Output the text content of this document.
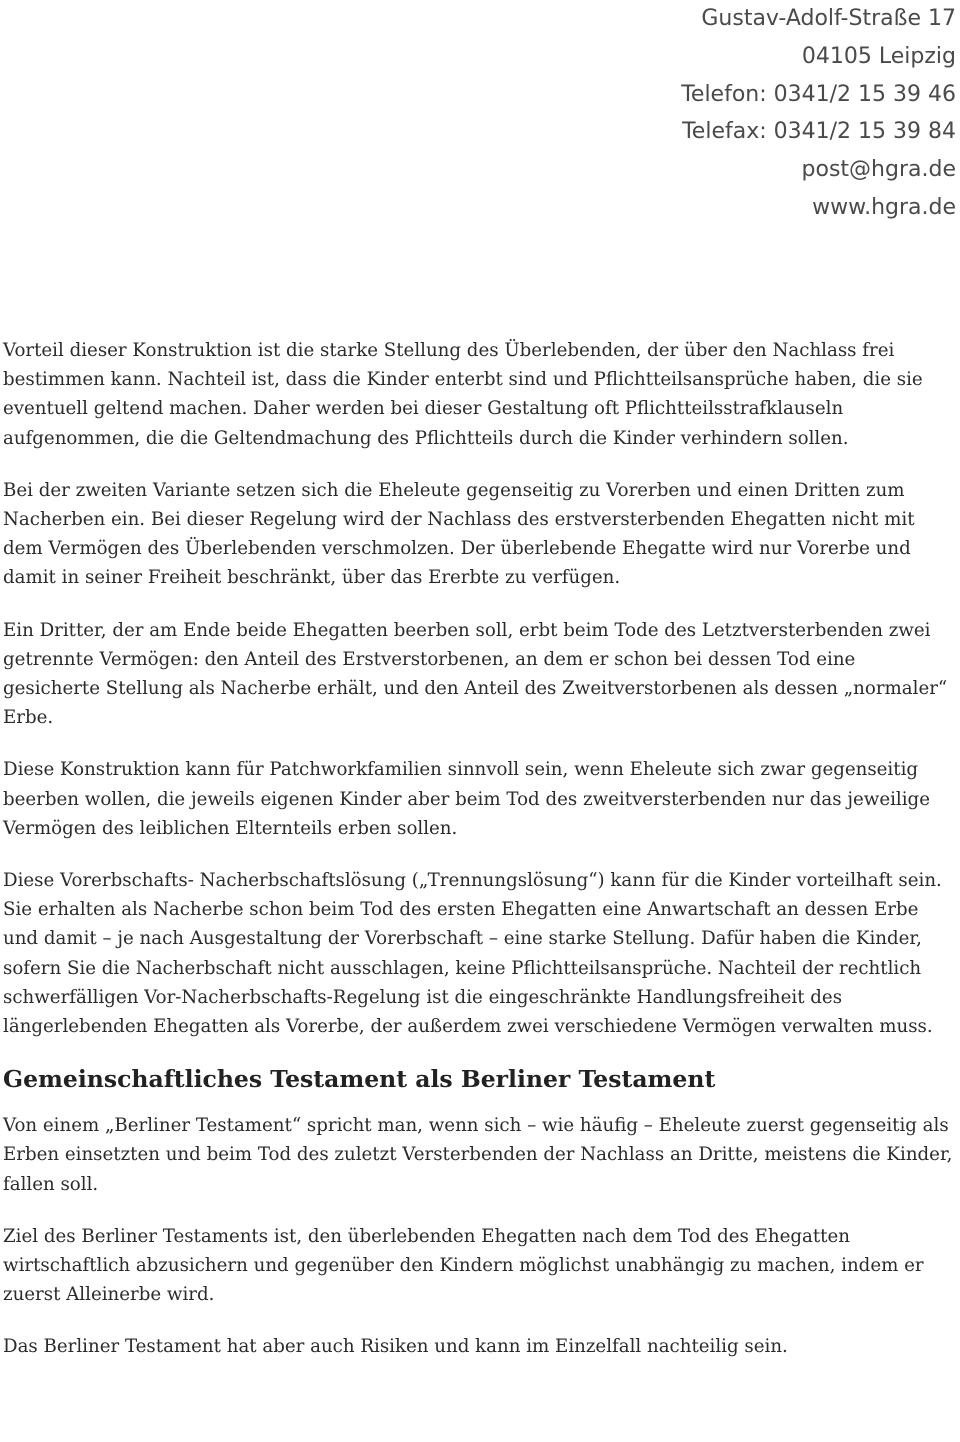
Gustav-Adolf-Straße 17
04105 Leipzig
Telefon: 0341/2 15 39 46
Telefax: 0341/2 15 39 84
post@hgra.de
www.hgra.de

Vorteil dieser Konstruktion ist die starke Stellung des Überlebenden, der über den Nachlass frei bestimmen kann. Nachteil ist, dass die Kinder enterbt sind und Pflichtteilsansprüche haben, die sie eventuell geltend machen. Daher werden bei dieser Gestaltung oft Pflichtteilsstrafklauseln aufgenommen, die die Geltendmachung des Pflichtteils durch die Kinder verhindern sollen.

Bei der zweiten Variante setzen sich die Eheleute gegenseitig zu Vorerben und einen Dritten zum Nacherben ein. Bei dieser Regelung wird der Nachlass des erstversterbenden Ehegatten nicht mit dem Vermögen des Überlebenden verschmolzen. Der überlebende Ehegatte wird nur Vorerbe und damit in seiner Freiheit beschränkt, über das Ererbte zu verfügen.

Ein Dritter, der am Ende beide Ehegatten beerben soll, erbt beim Tode des Letztversterbenden zwei getrennte Vermögen: den Anteil des Erstverstorbenen, an dem er schon bei dessen Tod eine gesicherte Stellung als Nacherbe erhält, und den Anteil des Zweitverstorbenen als dessen „normaler“ Erbe.

Diese Konstruktion kann für Patchworkfamilien sinnvoll sein, wenn Eheleute sich zwar gegenseitig beerben wollen, die jeweils eigenen Kinder aber beim Tod des zweitversterbenden nur das jeweilige Vermögen des leiblichen Elternteils erben sollen.

Diese Vorerbschafts- Nacherbschaftslösung („Trennungslösung“) kann für die Kinder vorteilhaft sein. Sie erhalten als Nacherbe schon beim Tod des ersten Ehegatten eine Anwartschaft an dessen Erbe und damit – je nach Ausgestaltung der Vorerbschaft – eine starke Stellung. Dafür haben die Kinder, sofern Sie die Nacherbschaft nicht ausschlagen, keine Pflichtteilsansprüche. Nachteil der rechtlich schwerfälligen Vor-Nacherbschafts-Regelung ist die eingeschränkte Handlungsfreiheit des längerlebenden Ehegatten als Vorerbe, der außerdem zwei verschiedene Vermögen verwalten muss.

Gemeinschaftliches Testament als Berliner Testament

Von einem „Berliner Testament“ spricht man, wenn sich – wie häufig – Eheleute zuerst gegenseitig als Erben einsetzten und beim Tod des zuletzt Versterbenden der Nachlass an Dritte, meistens die Kinder, fallen soll.

Ziel des Berliner Testaments ist, den überlebenden Ehegatten nach dem Tod des Ehegatten wirtschaftlich abzusichern und gegenüber den Kindern möglichst unabhängig zu machen, indem er zuerst Alleinerbe wird.

Das Berliner Testament hat aber auch Risiken und kann im Einzelfall nachteilig sein.
